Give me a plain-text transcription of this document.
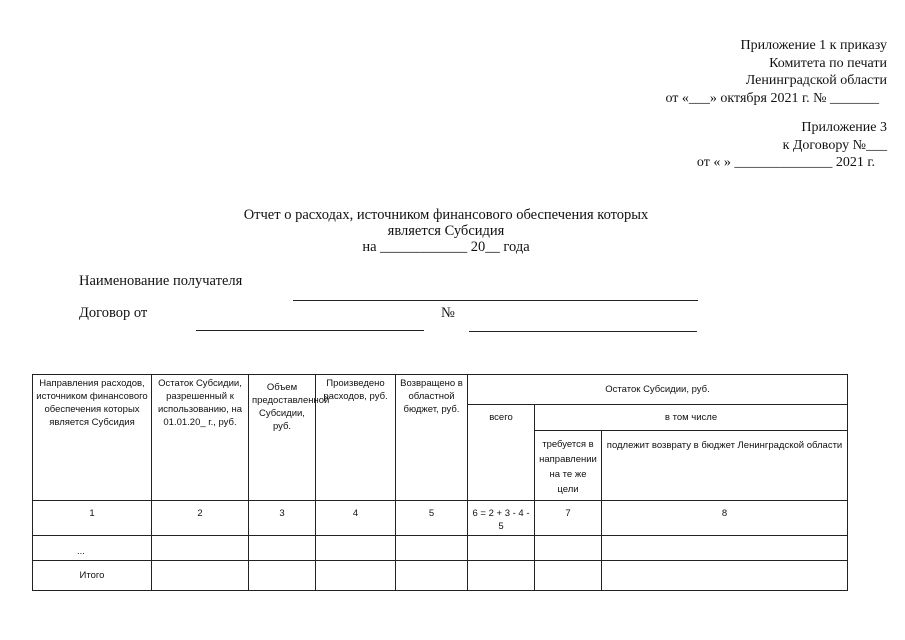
Приложение 1 к приказу
Комитета по печати
Ленинградской области
от «___» октября 2021 г. № _______
Приложение 3
к Договору №___
от « » ______________ 2021 г.
Отчет о расходах, источником финансового обеспечения которых
является Субсидия
на ____________ 20__ года
Наименование получателя
Договор от	№
Направления расходов, источником финансового обеспечения которых является Субсидия	Остаток Субсидии, разрешенный к использованию, на 01.01.20_ г., руб.	Объем предоставленной Субсидии, руб.	Произведено расходов, руб.	Возвращено в областной бюджет, руб.	Остаток Субсидии, руб.		
					всего	в том числе	
						требуется в направлении на те же цели	подлежит возврату в бюджет Ленинградской области
1	2	3	4	5	6 = 2 + 3 - 4 - 5	7	8
...							
Итого							
